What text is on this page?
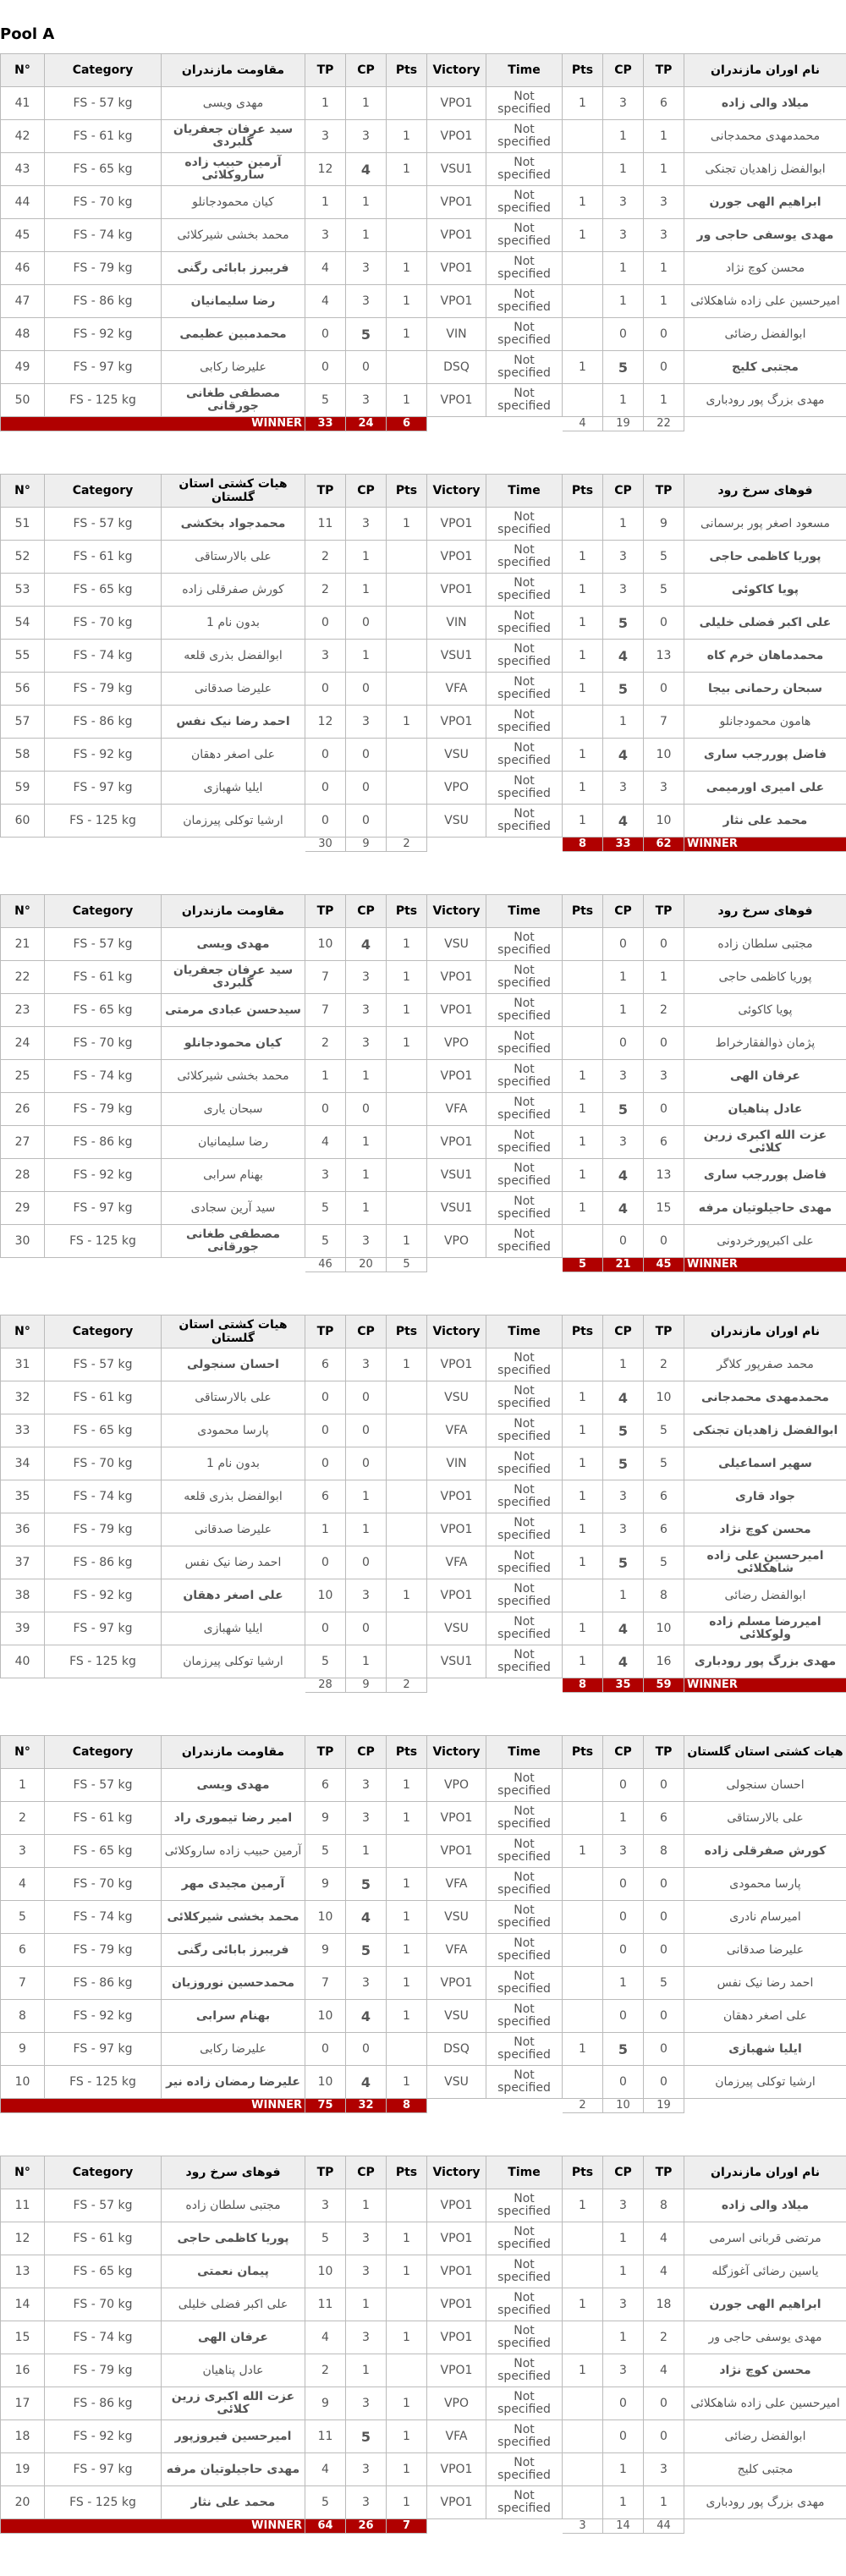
Pool A
N°	Category	مقاومت مازندران	TP	CP	Pts	Victory	Time	Pts	CP	TP	نام اوران مازندران
41	FS - 57 kg	مهدی ویسی	1	1		VPO1	Not specified	1	3	6	میلاد والی زاده
42	FS - 61 kg	سید عرفان جعفریان گلبردی	3	3	1	VPO1	Not specified		1	1	محمدمهدی محمدجانی
43	FS - 65 kg	آرمین حبیب زاده ساروکلائی	12	4	1	VSU1	Not specified		1	1	ابوالفضل زاهدیان تجنکی
44	FS - 70 kg	کیان محمودجانلو	1	1		VPO1	Not specified	1	3	3	ابراهیم الهی جورن
45	FS - 74 kg	محمد بخشی شیرکلائی	3	1		VPO1	Not specified	1	3	3	مهدی یوسفی حاجی ور
46	FS - 79 kg	فریبرز بابائی رگنی	4	3	1	VPO1	Not specified		1	1	محسن کوچ نژاد
47	FS - 86 kg	رضا سلیمانیان	4	3	1	VPO1	Not specified		1	1	امیرحسین علی زاده شاهکلائی
48	FS - 92 kg	محمدمبین عظیمی	0	5	1	VIN	Not specified		0	0	ابوالفضل رضائی
49	FS - 97 kg	علیرضا رکابی	0	0		DSQ	Not specified	1	5	0	مجتبی کلیج
50	FS - 125 kg	مصطفی طغانی جورقانی	5	3	1	VPO1	Not specified		1	1	مهدی بزرگ پور رودباری
WINNER			33	24	6			4	19	22	
N°	Category	هیات کشتی استان گلستان	TP	CP	Pts	Victory	Time	Pts	CP	TP	فوهای سرخ رود
51	FS - 57 kg	محمدجواد بخکشی	11	3	1	VPO1	Not specified		1	9	مسعود اصغر پور برسمانی
52	FS - 61 kg	علی بالارستاقی	2	1		VPO1	Not specified	1	3	5	پوریا کاظمی حاجی
53	FS - 65 kg	کورش صفرقلی زاده	2	1		VPO1	Not specified	1	3	5	پویا کاکوئی
54	FS - 70 kg	بدون نام 1	0	0		VIN	Not specified	1	5	0	علی اکبر فضلی خلیلی
55	FS - 74 kg	ابوالفضل بذری قلعه	3	1		VSU1	Not specified	1	4	13	محمدماهان خرم کاه
56	FS - 79 kg	علیرضا صدقانی	0	0		VFA	Not specified	1	5	0	سبحان رحمانی بیجا
57	FS - 86 kg	احمد رضا نیک نفس	12	3	1	VPO1	Not specified		1	7	هامون محمودجانلو
58	FS - 92 kg	علی اصغر دهقان	0	0		VSU	Not specified	1	4	10	فاضل پوررجب ساری
59	FS - 97 kg	ایلیا شهبازی	0	0		VPO	Not specified	1	3	3	علی امیری اورمیمی
60	FS - 125 kg	ارشیا توکلی پیرزمان	0	0		VSU	Not specified	1	4	10	محمد علی نثار
			30	9	2			8	33	62	WINNER
N°	Category	مقاومت مازندران	TP	CP	Pts	Victory	Time	Pts	CP	TP	فوهای سرخ رود
21	FS - 57 kg	مهدی ویسی	10	4	1	VSU	Not specified		0	0	مجتبی سلطان زاده
22	FS - 61 kg	سید عرفان جعفریان گلبردی	7	3	1	VPO1	Not specified		1	1	پوریا کاظمی حاجی
23	FS - 65 kg	سیدحسن عبادی مرمتی	7	3	1	VPO1	Not specified		1	2	پویا کاکوئی
24	FS - 70 kg	کیان محمودجانلو	2	3	1	VPO	Not specified		0	0	پژمان ذوالفقارخراط
25	FS - 74 kg	محمد بخشی شیرکلائی	1	1		VPO1	Not specified	1	3	3	عرفان الهی
26	FS - 79 kg	سبحان یاری	0	0		VFA	Not specified	1	5	0	عادل پناهیان
27	FS - 86 kg	رضا سلیمانیان	4	1		VPO1	Not specified	1	3	6	عزت الله اکبری زرین کلائی
28	FS - 92 kg	بهنام سرابی	3	1		VSU1	Not specified	1	4	13	فاضل پوررجب ساری
29	FS - 97 kg	سید آرین سجادی	5	1		VSU1	Not specified	1	4	15	مهدی حاجیلوتیان مرفه
30	FS - 125 kg	مصطفی طغانی جورقانی	5	3	1	VPO	Not specified		0	0	علی اکبرپورخردونی
			46	20	5			5	21	45	WINNER
N°	Category	هیات کشتی استان گلستان	TP	CP	Pts	Victory	Time	Pts	CP	TP	نام اوران مازندران
31	FS - 57 kg	احسان سنجولی	6	3	1	VPO1	Not specified		1	2	محمد صفرپور کلاگر
32	FS - 61 kg	علی بالارستاقی	0	0		VSU	Not specified	1	4	10	محمدمهدی محمدجانی
33	FS - 65 kg	پارسا محمودی	0	0		VFA	Not specified	1	5	5	ابوالفضل زاهدیان تجنکی
34	FS - 70 kg	بدون نام 1	0	0		VIN	Not specified	1	5	5	سهیر اسماعیلی
35	FS - 74 kg	ابوالفضل بذری قلعه	6	1		VPO1	Not specified	1	3	6	جواد قاری
36	FS - 79 kg	علیرضا صدقانی	1	1		VPO1	Not specified	1	3	6	محسن کوچ نژاد
37	FS - 86 kg	احمد رضا نیک نفس	0	0		VFA	Not specified	1	5	5	امیرحسین علی زاده شاهکلائی
38	FS - 92 kg	علی اصغر دهقان	10	3	1	VPO1	Not specified		1	8	ابوالفضل رضائی
39	FS - 97 kg	ایلیا شهبازی	0	0		VSU	Not specified	1	4	10	امیررضا مسلم زاده ولوکلائی
40	FS - 125 kg	ارشیا توکلی پیرزمان	5	1		VSU1	Not specified	1	4	16	مهدی بزرگ پور رودباری
			28	9	2			8	35	59	WINNER
N°	Category	مقاومت مازندران	TP	CP	Pts	Victory	Time	Pts	CP	TP	هیات کشتی استان گلستان
1	FS - 57 kg	مهدی ویسی	6	3	1	VPO	Not specified		0	0	احسان سنجولی
2	FS - 61 kg	امیر رضا تیموری راد	9	3	1	VPO1	Not specified		1	6	علی بالارستاقی
3	FS - 65 kg	آرمین حبیب زاده ساروکلائی	5	1		VPO1	Not specified	1	3	8	کورش صفرقلی زاده
4	FS - 70 kg	آرمین مجیدی مهر	9	5	1	VFA	Not specified		0	0	پارسا محمودی
5	FS - 74 kg	محمد بخشی شیرکلائی	10	4	1	VSU	Not specified		0	0	امیرسام نادری
6	FS - 79 kg	فریبرز بابائی رگنی	9	5	1	VFA	Not specified		0	0	علیرضا صدقانی
7	FS - 86 kg	محمدحسین نوروزیان	7	3	1	VPO1	Not specified		1	5	احمد رضا نیک نفس
8	FS - 92 kg	بهنام سرابی	10	4	1	VSU	Not specified		0	0	علی اصغر دهقان
9	FS - 97 kg	علیرضا رکابی	0	0		DSQ	Not specified	1	5	0	ایلیا شهبازی
10	FS - 125 kg	علیرضا رمضان زاده نیر	10	4	1	VSU	Not specified		0	0	ارشیا توکلی پیرزمان
WINNER			75	32	8			2	10	19	
N°	Category	فوهای سرخ رود	TP	CP	Pts	Victory	Time	Pts	CP	TP	نام اوران مازندران
11	FS - 57 kg	مجتبی سلطان زاده	3	1		VPO1	Not specified	1	3	8	میلاد والی زاده
12	FS - 61 kg	پوریا کاظمی حاجی	5	3	1	VPO1	Not specified		1	4	مرتضی قربانی اسرمی
13	FS - 65 kg	پیمان نعمتی	10	3	1	VPO1	Not specified		1	4	یاسین رضائی آغوزگله
14	FS - 70 kg	علی اکبر فضلی خلیلی	11	1		VPO1	Not specified	1	3	18	ابراهیم الهی جورن
15	FS - 74 kg	عرفان الهی	4	3	1	VPO1	Not specified		1	2	مهدی یوسفی حاجی ور
16	FS - 79 kg	عادل پناهیان	2	1		VPO1	Not specified	1	3	4	محسن کوچ نژاد
17	FS - 86 kg	عزت الله اکبری زرین کلائی	9	3	1	VPO	Not specified		0	0	امیرحسین علی زاده شاهکلائی
18	FS - 92 kg	امیرحسین فیروزپور	11	5	1	VFA	Not specified		0	0	ابوالفضل رضائی
19	FS - 97 kg	مهدی حاجیلوتیان مرفه	4	3	1	VPO1	Not specified		1	3	مجتبی کلیج
20	FS - 125 kg	محمد علی نثار	5	3	1	VPO1	Not specified		1	1	مهدی بزرگ پور رودباری
WINNER			64	26	7			3	14	44	
